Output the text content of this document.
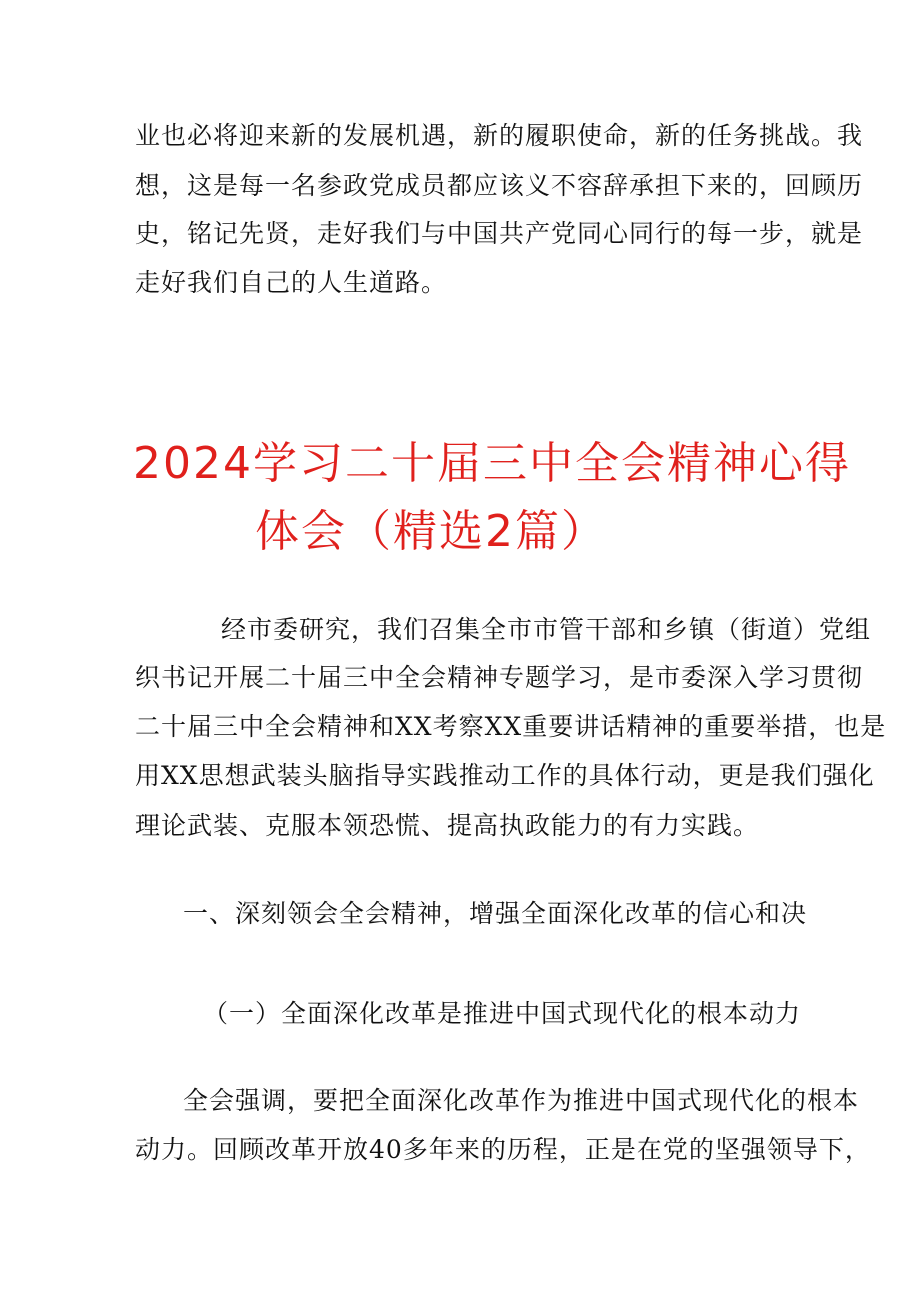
业也必将迎来新的发展机遇，新的履职使命，新的任务挑战。我
想，这是每一名参政党成员都应该义不容辞承担下来的，回顾历
史，铭记先贤，走好我们与中国共产党同心同行的每一步，就是
走好我们自己的人生道路。
2024学习二十届三中全会精神心得
体会（精选2篇）
经市委研究，我们召集全市市管干部和乡镇（街道）党组
织书记开展二十届三中全会精神专题学习，是市委深入学习贯彻
二十届三中全会精神和XX考察XX重要讲话精神的重要举措，也是
用XX思想武装头脑指导实践推动工作的具体行动，更是我们强化
理论武装、克服本领恐慌、提高执政能力的有力实践。
一、深刻领会全会精神，增强全面深化改革的信心和决
（一）全面深化改革是推进中国式现代化的根本动力
全会强调，要把全面深化改革作为推进中国式现代化的根本
动力。回顾改革开放40多年来的历程，正是在党的坚强领导下，
